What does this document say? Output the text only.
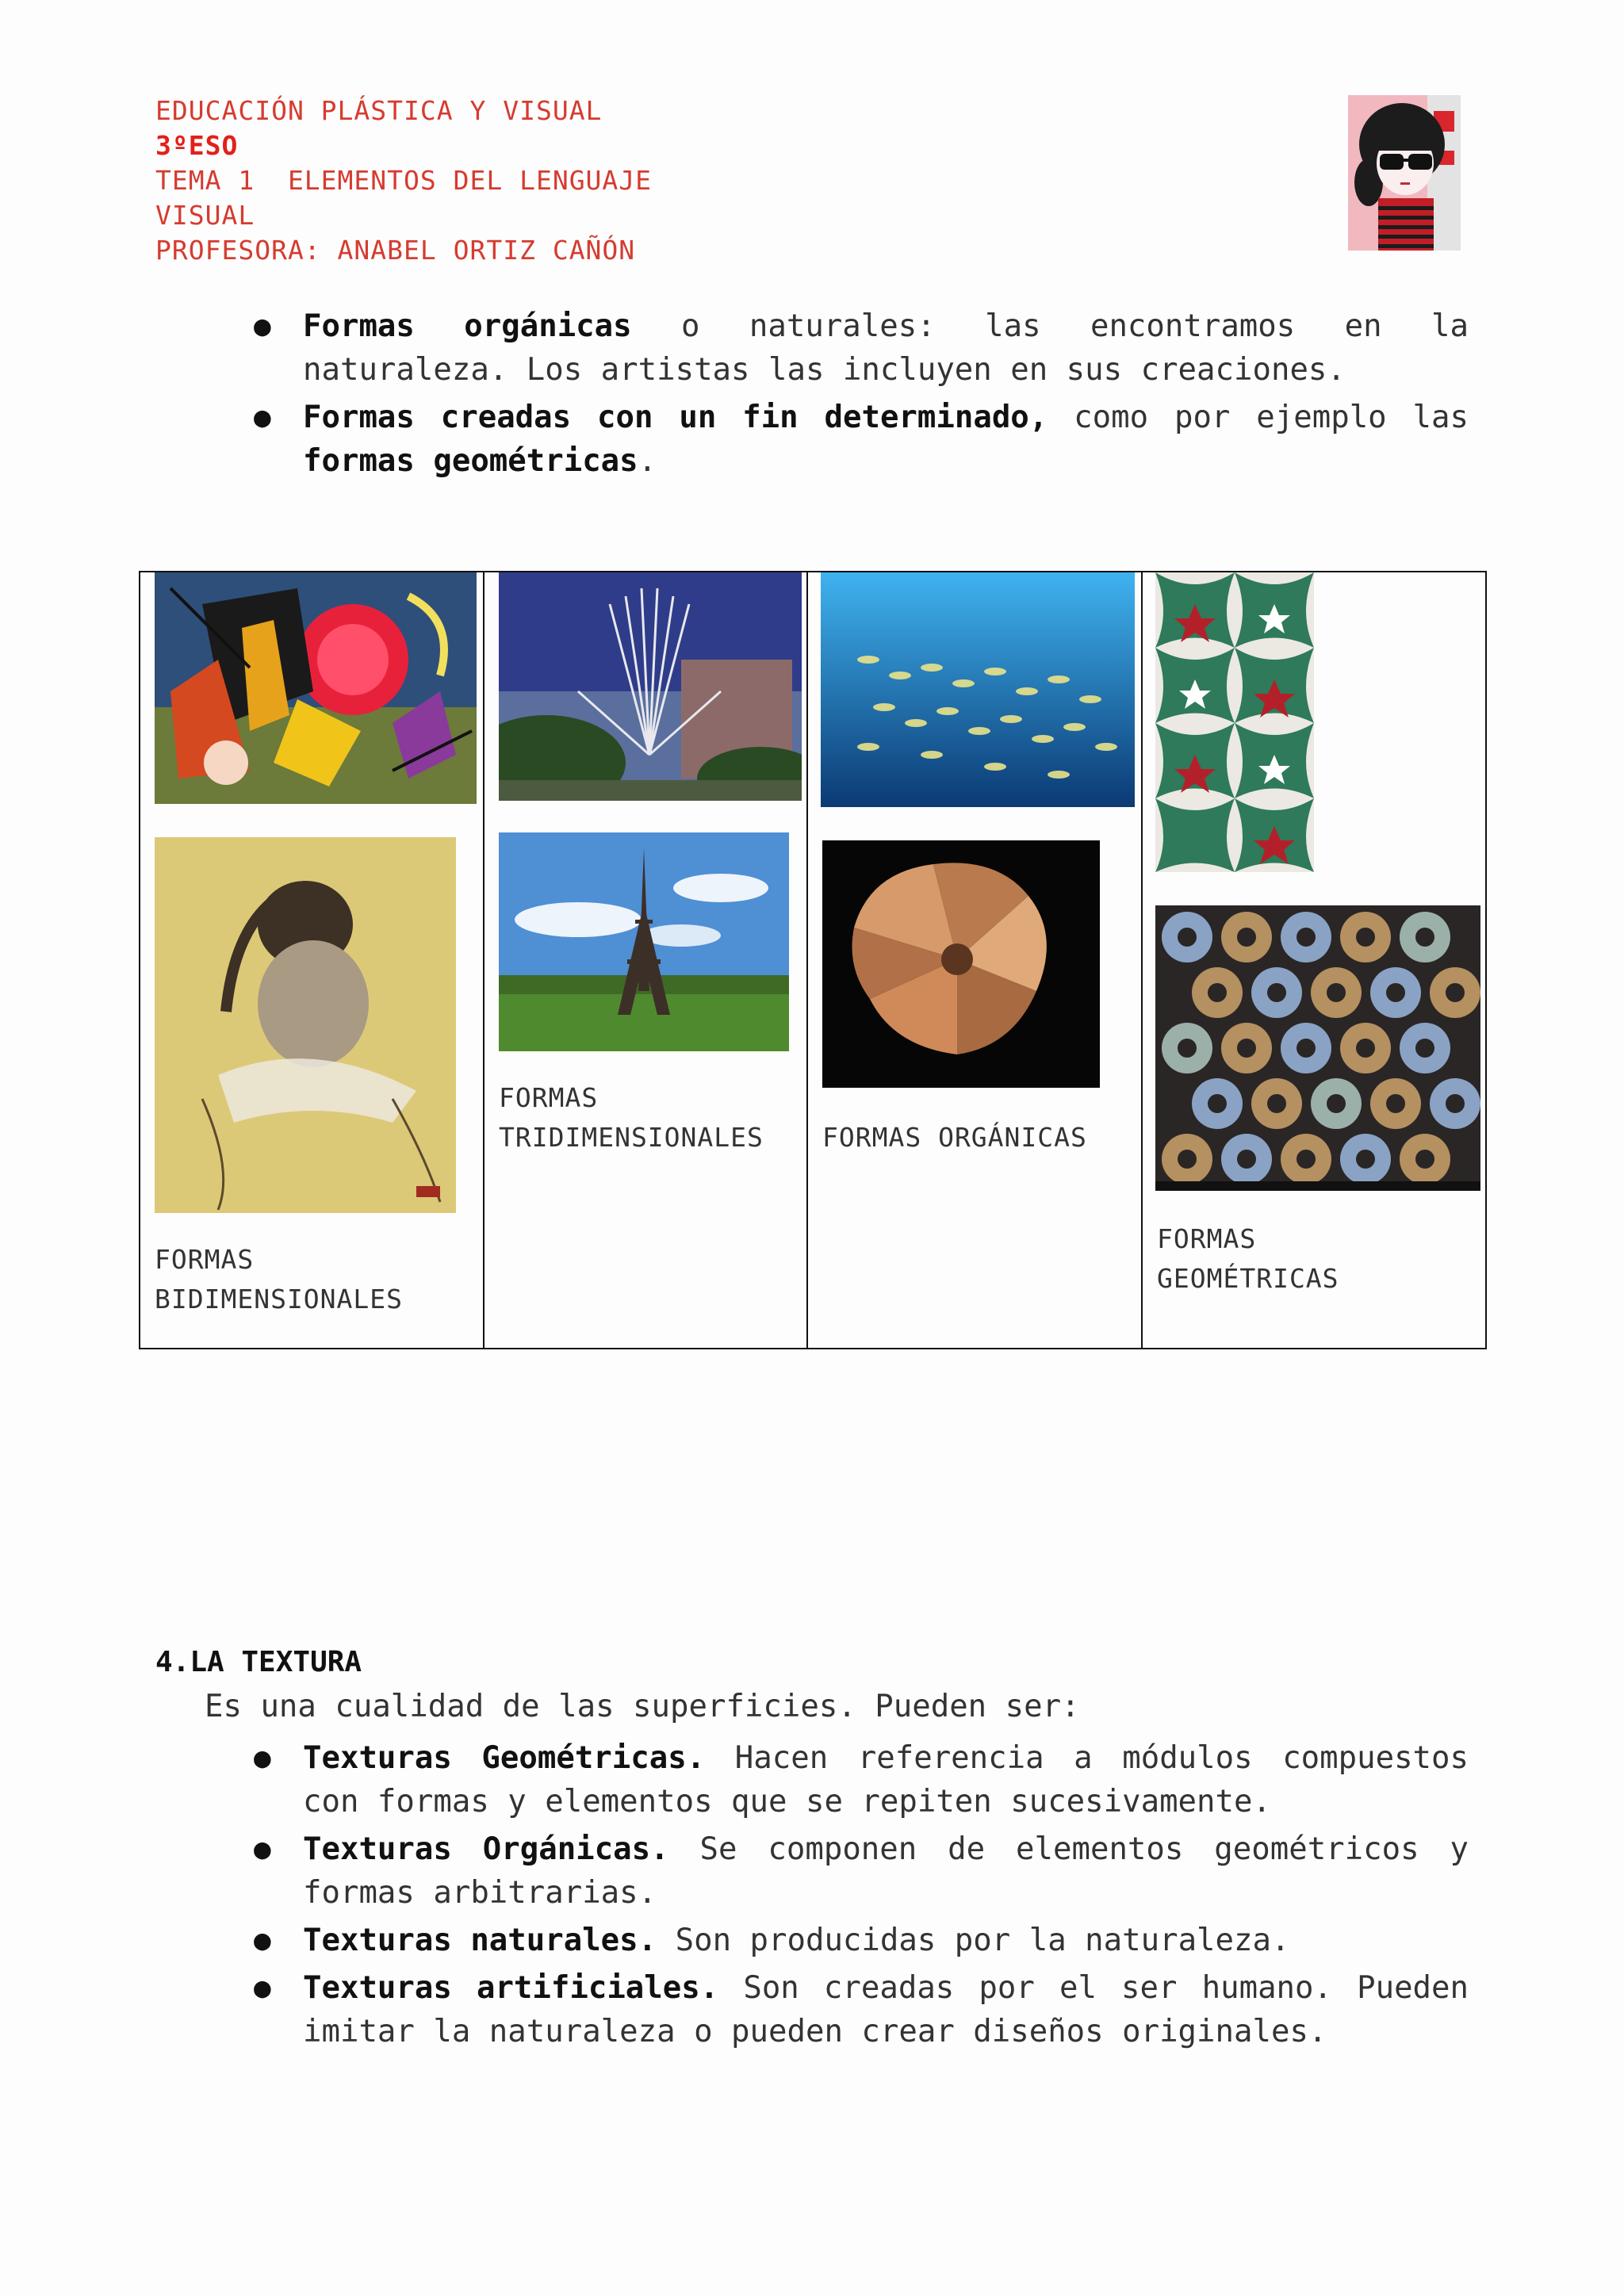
EDUCACIÓN PLÁSTICA Y VISUAL
3ºESO
TEMA 1  ELEMENTOS DEL LENGUAJE
VISUAL
PROFESORA: ANABEL ORTIZ CAÑÓN
● Formas orgánicas o naturales: las encontramos en la naturaleza. Los artistas las incluyen en sus creaciones.
● Formas creadas con un fin determinado, como por ejemplo las formas geométricas.
FORMAS
BIDIMENSIONALES
FORMAS
TRIDIMENSIONALES FORMAS ORGÁNICAS
FORMAS
GEOMÉTRICAS
4.LA TEXTURA
Es una cualidad de las superficies. Pueden ser:
● Texturas Geométricas. Hacen referencia a módulos compuestos con formas y elementos que se repiten sucesivamente.
● Texturas Orgánicas. Se componen de elementos geométricos y formas arbitrarias.
● Texturas naturales. Son producidas por la naturaleza.
● Texturas artificiales. Son creadas por el ser humano. Pueden imitar la naturaleza o pueden crear diseños originales.
